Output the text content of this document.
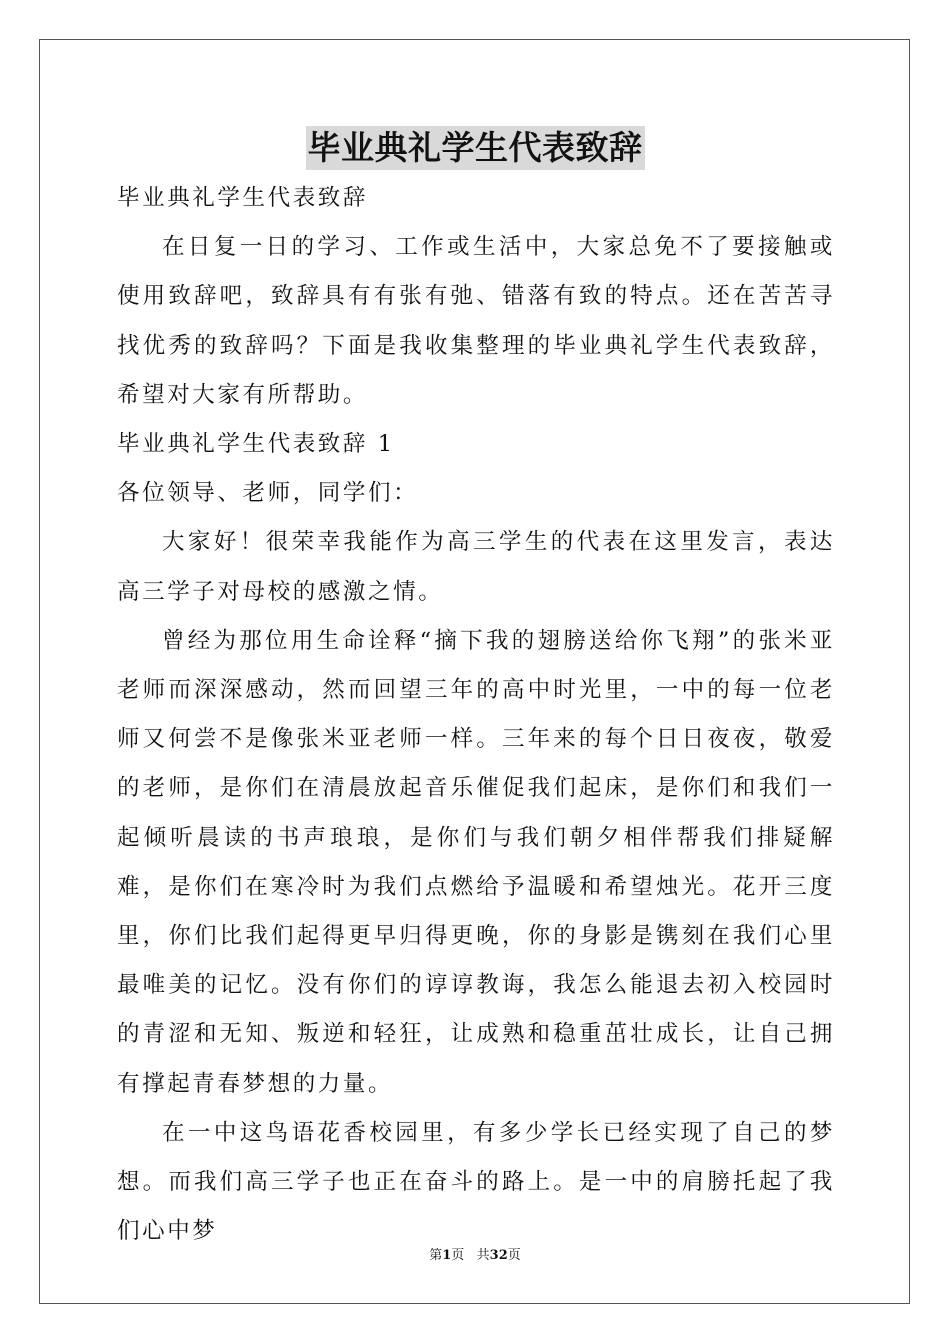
毕业典礼学生代表致辞

毕业典礼学生代表致辞

在日复一日的学习、工作或生活中，大家总免不了要接触或使用致辞吧，致辞具有有张有弛、错落有致的特点。还在苦苦寻找优秀的致辞吗？下面是我收集整理的毕业典礼学生代表致辞，希望对大家有所帮助。

毕业典礼学生代表致辞 1

各位领导、老师，同学们：

大家好！很荣幸我能作为高三学生的代表在这里发言，表达高三学子对母校的感激之情。

曾经为那位用生命诠释“摘下我的翅膀送给你飞翔”的张米亚老师而深深感动，然而回望三年的高中时光里，一中的每一位老师又何尝不是像张米亚老师一样。三年来的每个日日夜夜，敬爱的老师，是你们在清晨放起音乐催促我们起床，是你们和我们一起倾听晨读的书声琅琅，是你们与我们朝夕相伴帮我们排疑解难，是你们在寒冷时为我们点燃给予温暖和希望烛光。花开三度里，你们比我们起得更早归得更晚，你的身影是镌刻在我们心里最唯美的记忆。没有你们的谆谆教诲，我怎么能退去初入校园时的青涩和无知、叛逆和轻狂，让成熟和稳重茁壮成长，让自己拥有撑起青春梦想的力量。

在一中这鸟语花香校园里，有多少学长已经实现了自己的梦想。而我们高三学子也正在奋斗的路上。是一中的肩膀托起了我们心中梦

第1页   共32页
